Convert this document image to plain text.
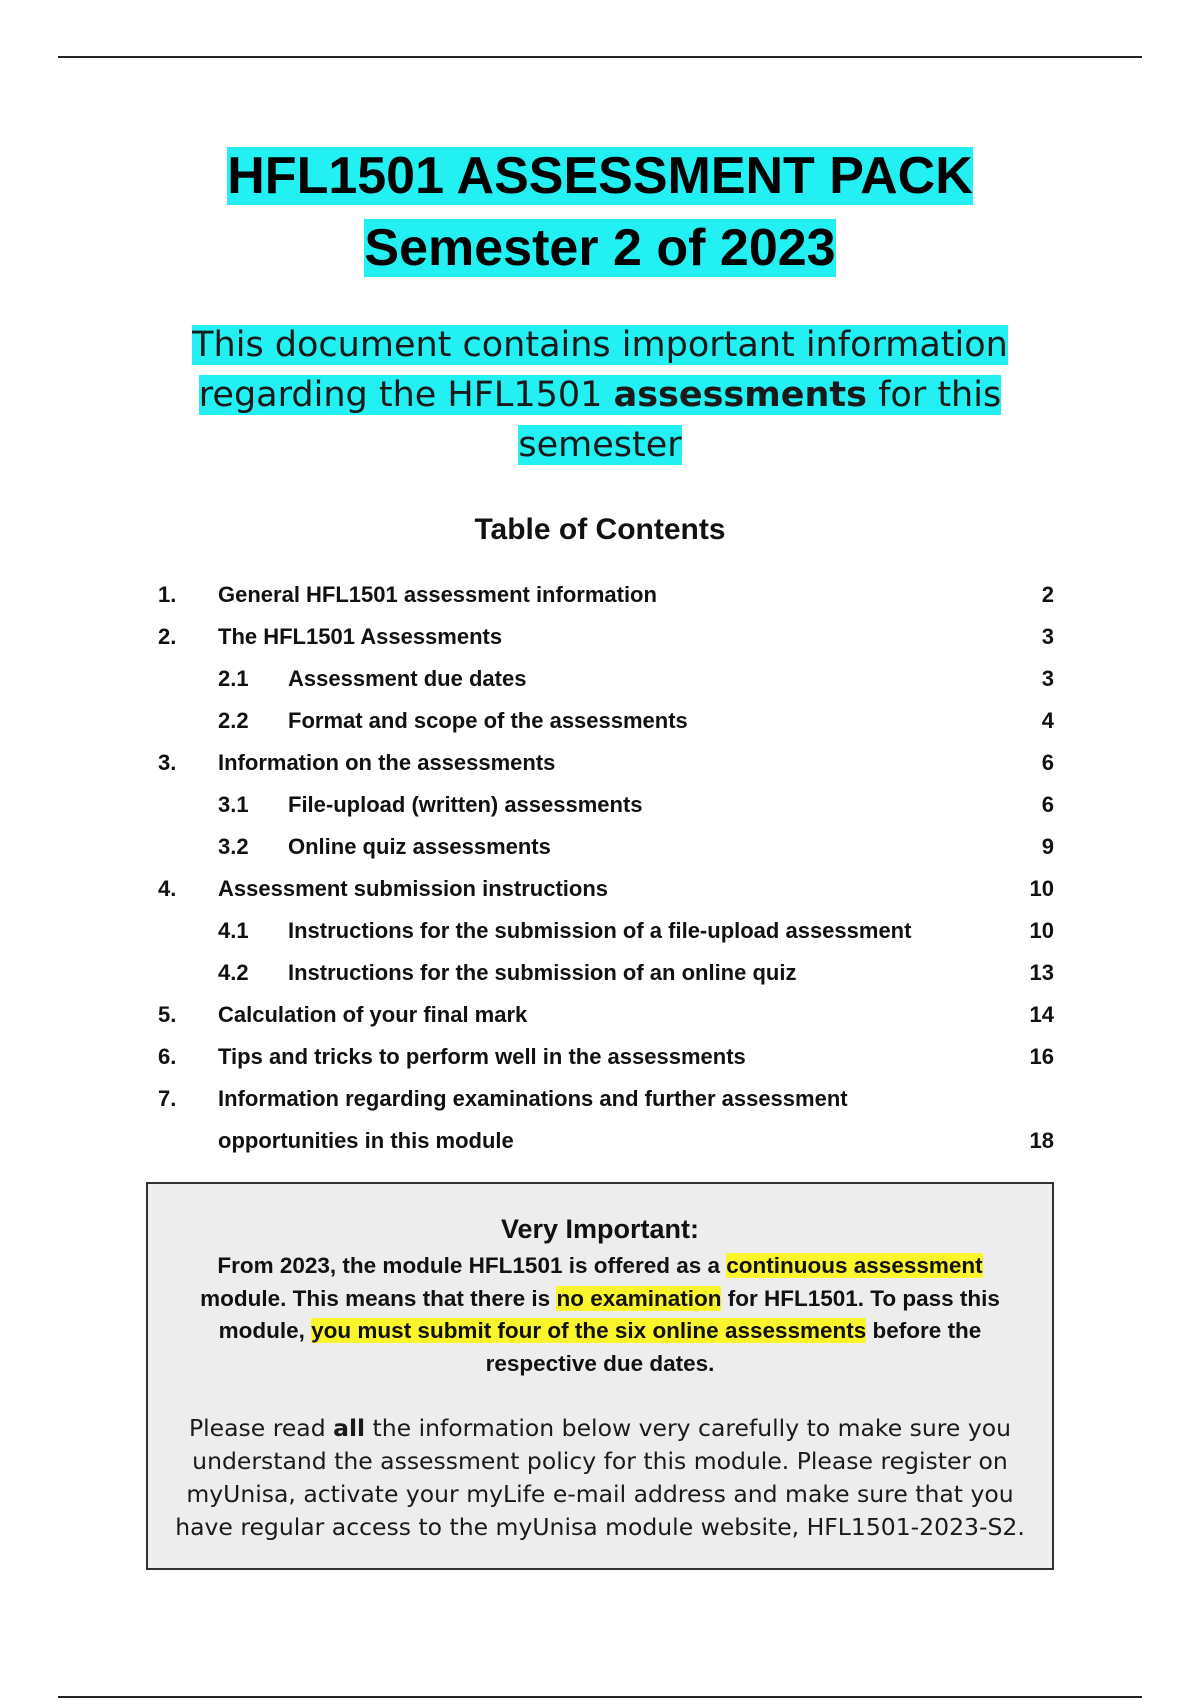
HFL1501 ASSESSMENT PACK
Semester 2 of 2023
This document contains important information regarding the HFL1501 assessments for this semester
Table of Contents
1. General HFL1501 assessment information	2
2. The HFL1501 Assessments	3
2.1 Assessment due dates	3
2.2 Format and scope of the assessments	4
3. Information on the assessments	6
3.1 File-upload (written) assessments	6
3.2 Online quiz assessments	9
4. Assessment submission instructions	10
4.1 Instructions for the submission of a file-upload assessment	10
4.2 Instructions for the submission of an online quiz	13
5. Calculation of your final mark	14
6. Tips and tricks to perform well in the assessments	16
7. Information regarding examinations and further assessment opportunities in this module	18
Very Important:
From 2023, the module HFL1501 is offered as a continuous assessment module. This means that there is no examination for HFL1501. To pass this module, you must submit four of the six online assessments before the respective due dates.
Please read all the information below very carefully to make sure you understand the assessment policy for this module. Please register on myUnisa, activate your myLife e-mail address and make sure that you have regular access to the myUnisa module website, HFL1501-2023-S2.
